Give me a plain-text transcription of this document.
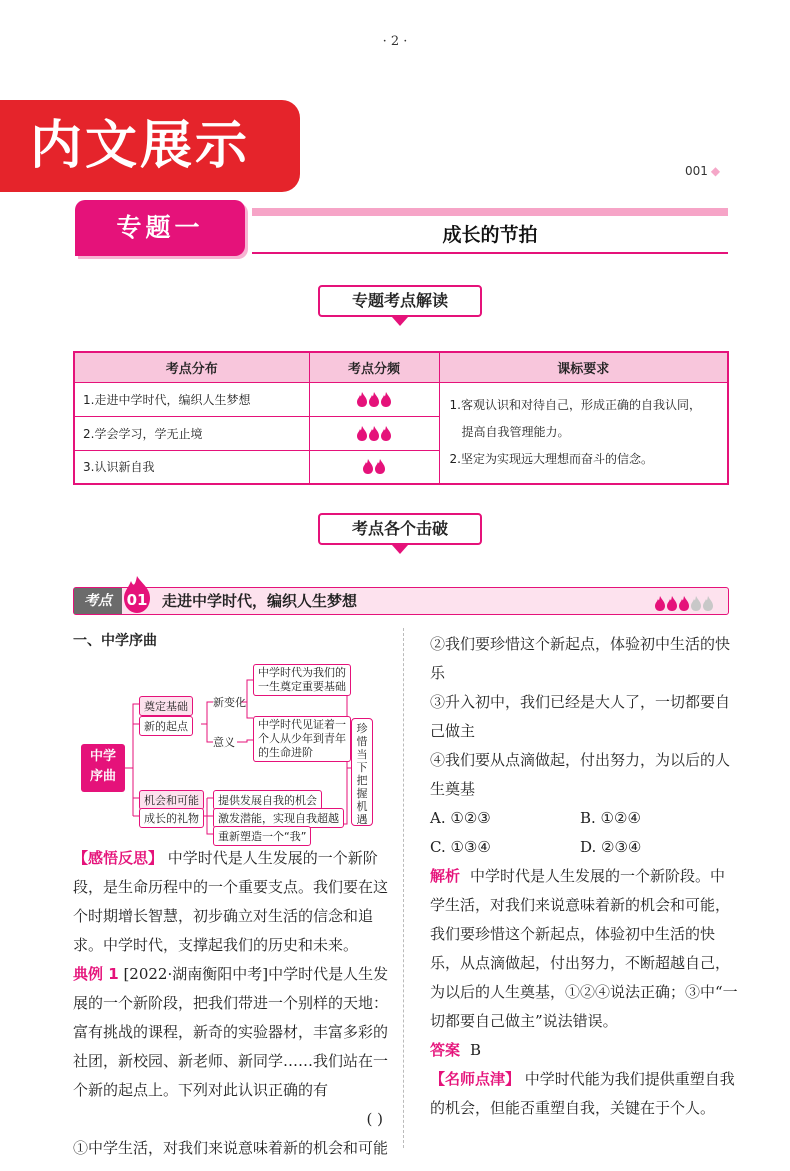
· 2 ·
内文展示	001 ◆
专题一	成长的节拍
专题考点解读
考点分布	考点分频	课标要求
1.走进中学时代，编织人生梦想		1.客观认识和对待自己，形成正确的自我认同，
提高自我管理能力。
2.坚定为实现远大理想而奋斗的信念。

2.学会学习，学无止境	
3.认识新自我	
考点各个击破
考点 01 走进中学时代，编织人生梦想
一、中学序曲
中学序曲
奠定基础
新的起点
新变化
意义
中学时代为我们的
一生奠定重要基础
中学时代见证着一
个人从少年到青年
的生命进阶
机会和可能
成长的礼物
提供发展自我的机会
激发潜能，实现自我超越
重新塑造一个“我”
珍
惜
当
下
把
握
机
遇
【感悟反思】 中学时代是人生发展的一个新阶段，是生命历程中的一个重要支点。我们要在这个时期增长智慧，初步确立对生活的信念和追求。中学时代，支撑起我们的历史和未来。
典例 1 [2022·湖南衡阳中考]中学时代是人生发展的一个新阶段，把我们带进一个别样的天地：富有挑战的课程，新奇的实验器材，丰富多彩的社团，新校园、新老师、新同学……我们站在一个新的起点上。下列对此认识正确的有
( )
①中学生活，对我们来说意味着新的机会和可能
②我们要珍惜这个新起点，体验初中生活的快乐
③升入初中，我们已经是大人了，一切都要自己做主
④我们要从点滴做起，付出努力，为以后的人生奠基
A. ①②③	B. ①②④
C. ①③④	D. ②③④
解析 中学时代是人生发展的一个新阶段。中学生活，对我们来说意味着新的机会和可能，我们要珍惜这个新起点，体验初中生活的快乐，从点滴做起，付出努力，不断超越自己，为以后的人生奠基，①②④说法正确；③中“一切都要自己做主”说法错误。
答案 B
【名师点津】 中学时代能为我们提供重塑自我的机会，但能否重塑自我，关键在于个人。
